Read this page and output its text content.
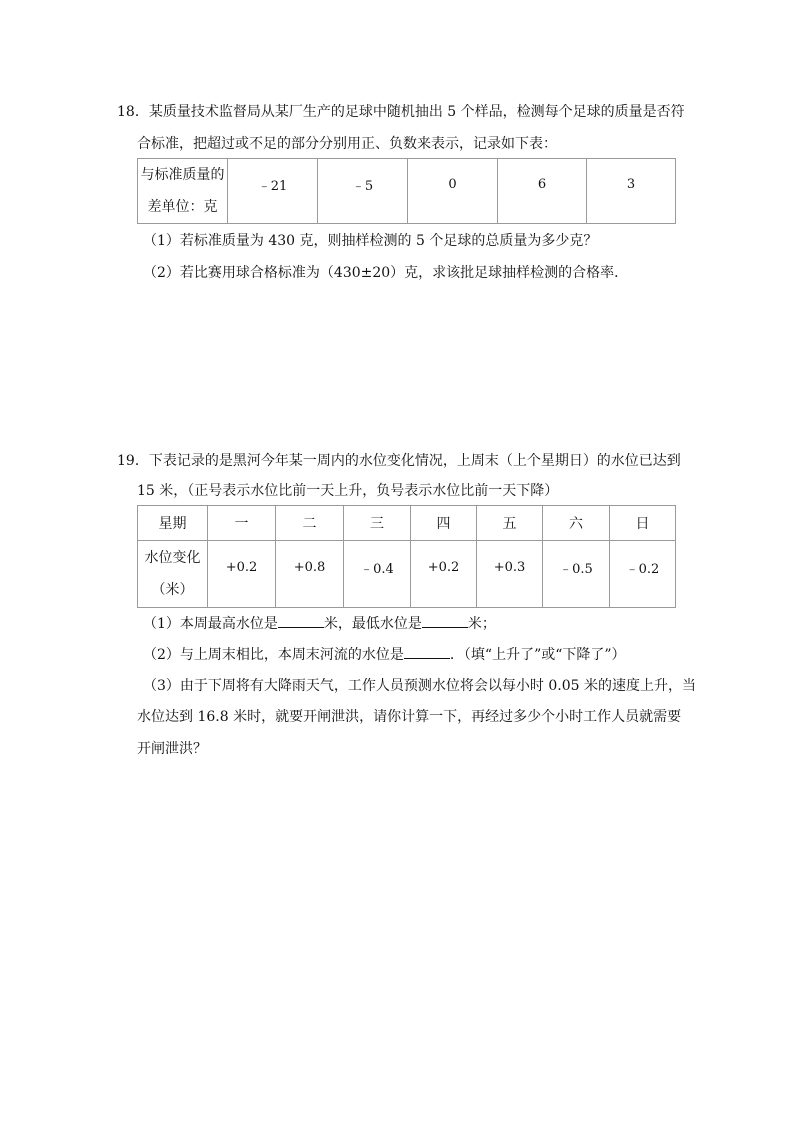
18．某质量技术监督局从某厂生产的足球中随机抽出 5 个样品，检测每个足球的质量是否符
合标准，把超过或不足的部分分别用正、负数来表示，记录如下表：
与标准质量的
差单位：克	
﹣21	﹣5	0	6	3
（1）若标准质量为 430 克，则抽样检测的 5 个足球的总质量为多少克？
（2）若比赛用球合格标准为（430±20）克，求该批足球抽样检测的合格率．
19．下表记录的是黑河今年某一周内的水位变化情况，上周末（上个星期日）的水位已达到
15 米，（正号表示水位比前一天上升，负号表示水位比前一天下降）
星期	一	二	三	四	五	六	日
水位变化
（米）	+0.2	+0.8	﹣0.4	+0.2	+0.3	﹣0.5	﹣0.2
（1）本周最高水位是	米，最低水位是	米；
（2）与上周末相比，本周末河流的水位是	．（填“上升了”或“下降了”）
（3）由于下周将有大降雨天气，工作人员预测水位将会以每小时 0.05 米的速度上升，当
水位达到 16.8 米时，就要开闸泄洪，请你计算一下，再经过多少个小时工作人员就需要
开闸泄洪？
